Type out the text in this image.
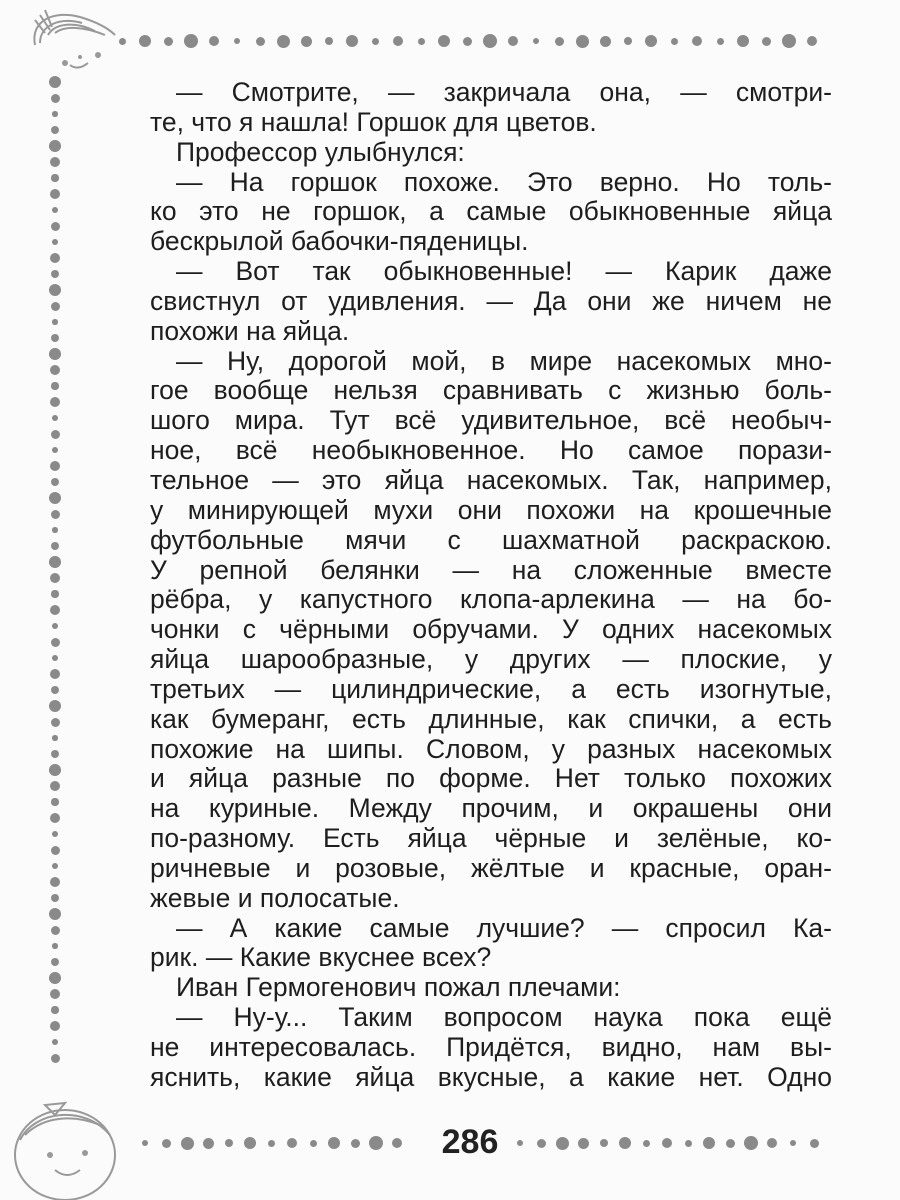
— Смотрите, — закричала она, — смотри-
те, что я нашла! Горшок для цветов.
Профессор улыбнулся:
— На горшок похоже. Это верно. Но толь-
ко это не горшок, а самые обыкновенные яйца
бескрылой бабочки-пяденицы.
— Вот так обыкновенные! — Карик даже
свистнул от удивления. — Да они же ничем не
похожи на яйца.
— Ну, дорогой мой, в мире насекомых мно-
гое вообще нельзя сравнивать с жизнью боль-
шого мира. Тут всё удивительное, всё необыч-
ное, всё необыкновенное. Но самое порази-
тельное — это яйца насекомых. Так, например,
у минирующей мухи они похожи на крошечные
футбольные мячи с шахматной раскраскою.
У репной белянки — на сложенные вместе
рёбра, у капустного клопа-арлекина — на бо-
чонки с чёрными обручами. У одних насекомых
яйца шарообразные, у других — плоские, у
третьих — цилиндрические, а есть изогнутые,
как бумеранг, есть длинные, как спички, а есть
похожие на шипы. Словом, у разных насекомых
и яйца разные по форме. Нет только похожих
на куриные. Между прочим, и окрашены они
по-разному. Есть яйца чёрные и зелёные, ко-
ричневые и розовые, жёлтые и красные, оран-
жевые и полосатые.
— А какие самые лучшие? — спросил Ка-
рик. — Какие вкуснее всех?
Иван Гермогенович пожал плечами:
— Ну-у... Таким вопросом наука пока ещё
не интересовалась. Придётся, видно, нам вы-
яснить, какие яйца вкусные, а какие нет. Одно
286
